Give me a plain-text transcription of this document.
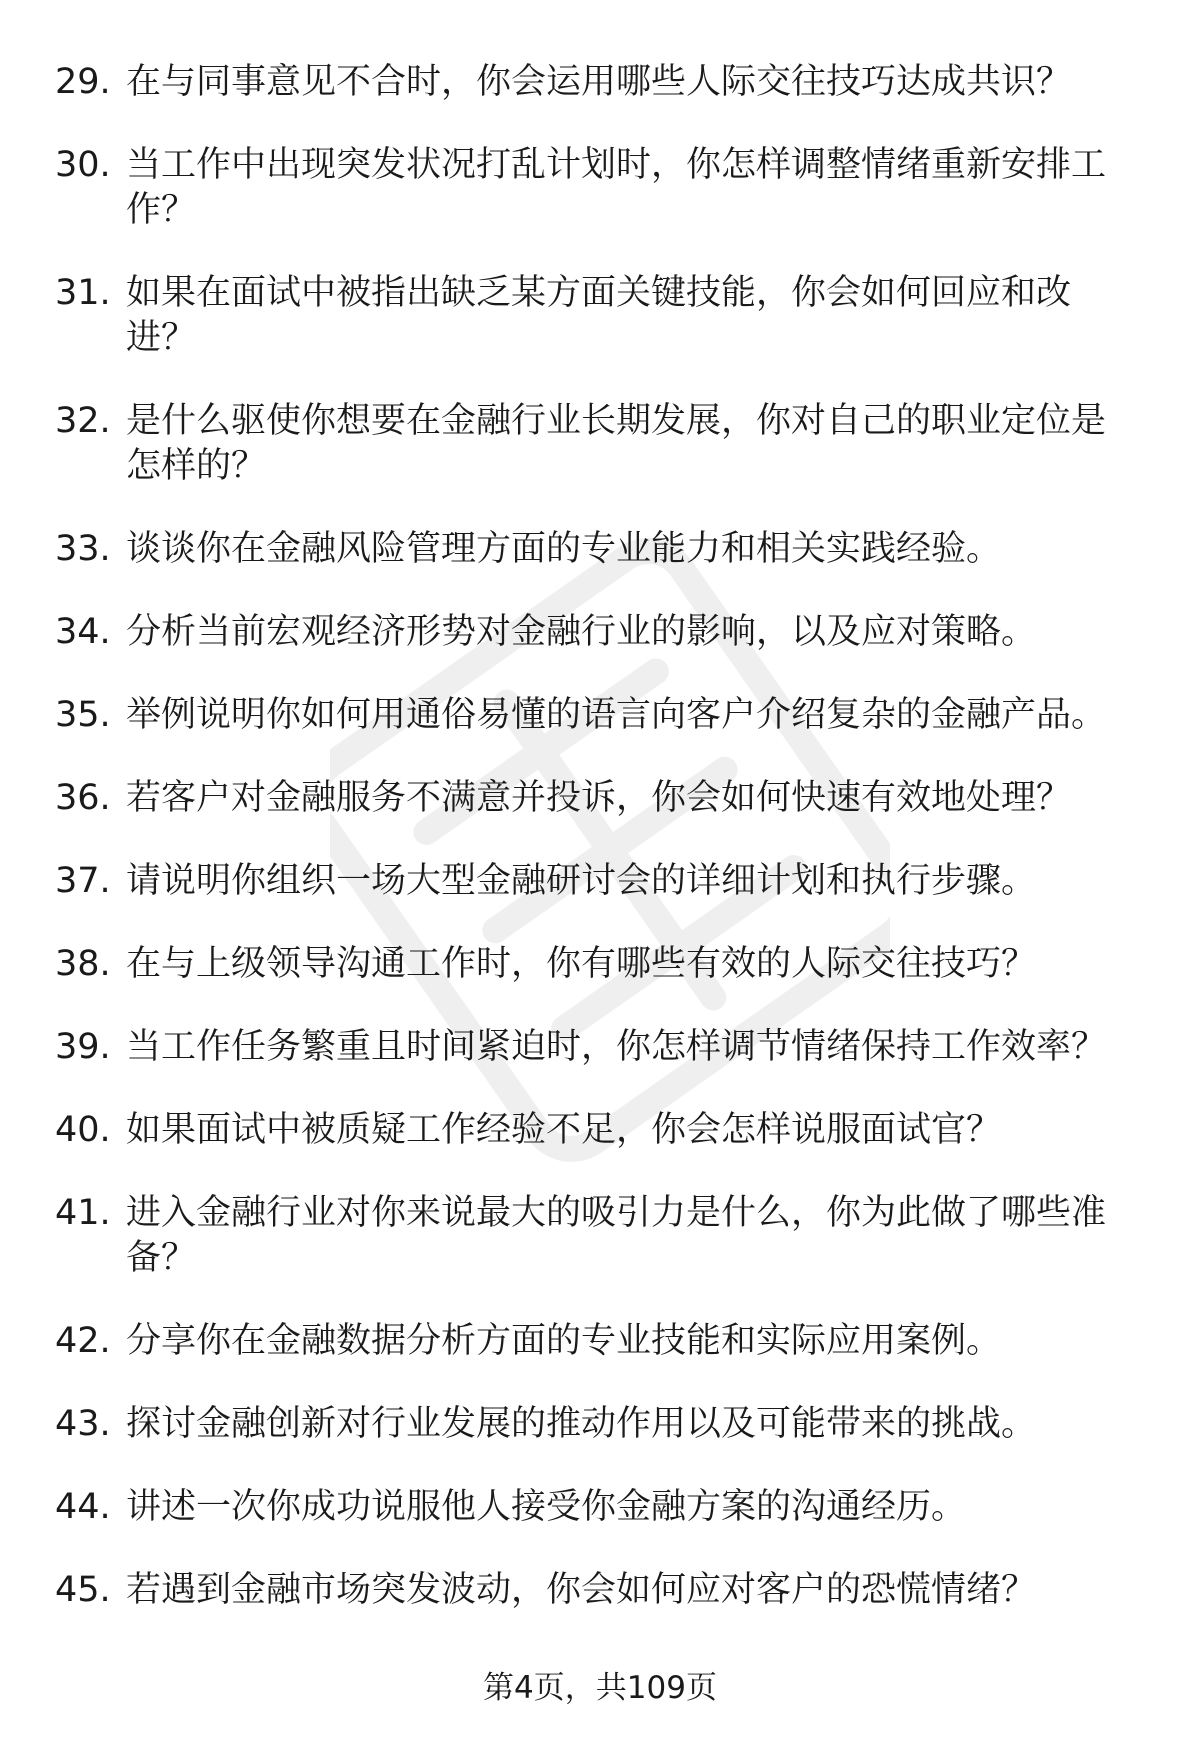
29. 在与同事意见不合时，你会运用哪些人际交往技巧达成共识？
30. 当工作中出现突发状况打乱计划时，你怎样调整情绪重新安排工作？
31. 如果在面试中被指出缺乏某方面关键技能，你会如何回应和改进？
32. 是什么驱使你想要在金融行业长期发展，你对自己的职业定位是怎样的？
33. 谈谈你在金融风险管理方面的专业能力和相关实践经验。
34. 分析当前宏观经济形势对金融行业的影响，以及应对策略。
35. 举例说明你如何用通俗易懂的语言向客户介绍复杂的金融产品。
36. 若客户对金融服务不满意并投诉，你会如何快速有效地处理？
37. 请说明你组织一场大型金融研讨会的详细计划和执行步骤。
38. 在与上级领导沟通工作时，你有哪些有效的人际交往技巧？
39. 当工作任务繁重且时间紧迫时，你怎样调节情绪保持工作效率？
40. 如果面试中被质疑工作经验不足，你会怎样说服面试官？
41. 进入金融行业对你来说最大的吸引力是什么，你为此做了哪些准备？
42. 分享你在金融数据分析方面的专业技能和实际应用案例。
43. 探讨金融创新对行业发展的推动作用以及可能带来的挑战。
44. 讲述一次你成功说服他人接受你金融方案的沟通经历。
45. 若遇到金融市场突发波动，你会如何应对客户的恐慌情绪？
第4页，共109页
